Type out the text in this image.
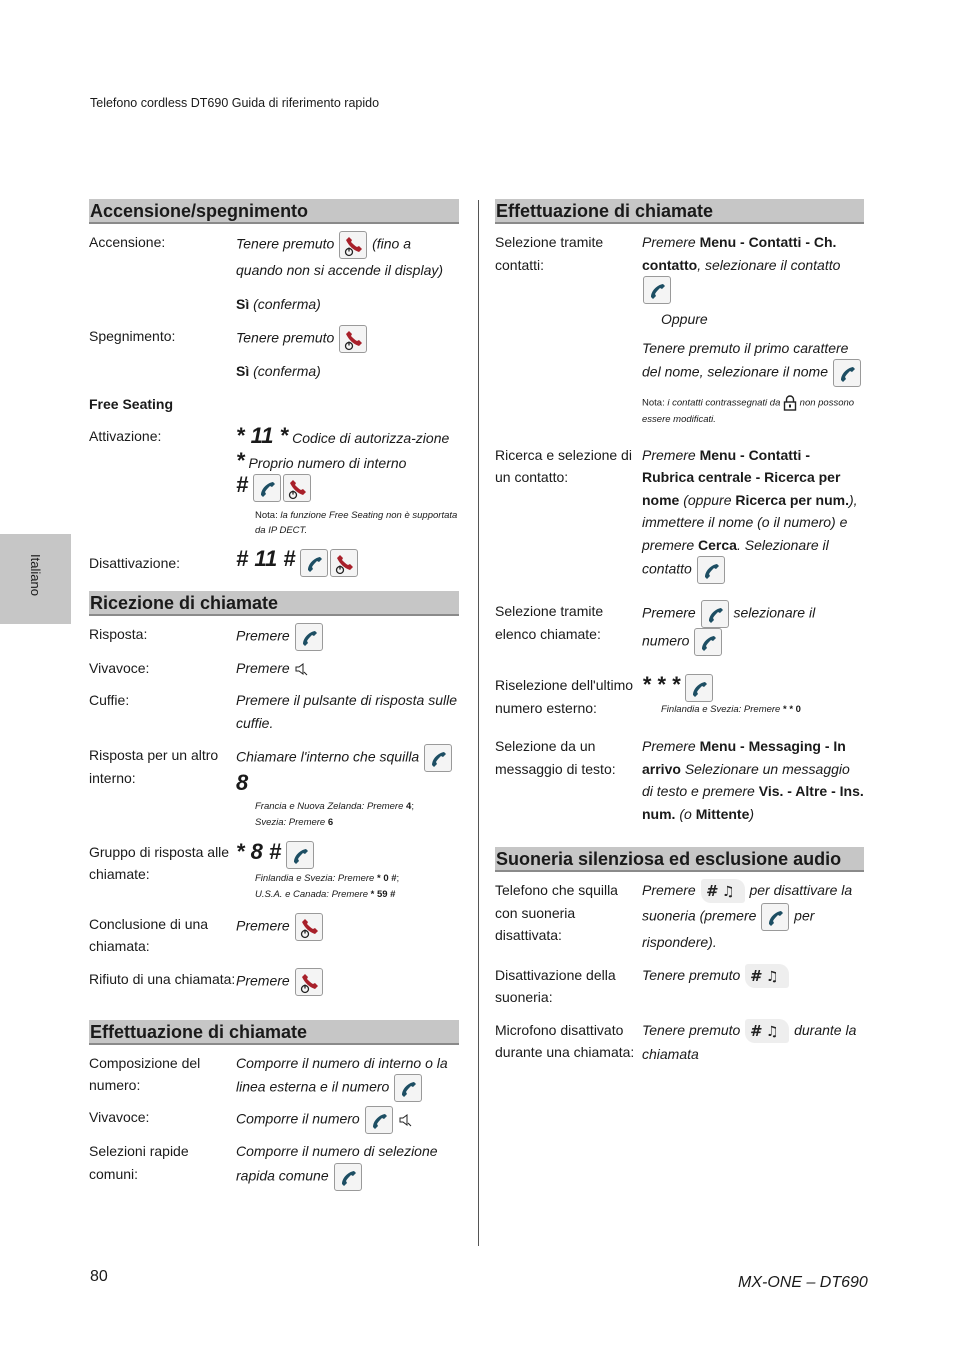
Telefono cordless DT690 Guida di riferimento rapido
Italiano
Accensione/spegnimento
Accensione:	Tenere premuto	(fino a quando non si accende il display)
Sì (conferma)
Spegnimento:	Tenere premuto
Sì (conferma)
Free Seating
Attivazione:	* 11 * Codice di autorizza-zione * Proprio numero di interno
#
Nota: la funzione Free Seating non è supportata da IP DECT.
Disattivazione:	# 11 #
Ricezione di chiamate
Risposta:	Premere
Vivavoce:	Premere
Cuffie:	Premere il pulsante di risposta sulle cuffie.
Risposta per un altro interno:
Chiamare l'interno che squilla
8
Francia e Nuova Zelanda: Premere 4;
Svezia: Premere 6
Gruppo di risposta alle chiamate:
* 8 #
Finlandia e Svezia: Premere * 0 #;
U.S.A. e Canada: Premere * 59 #
Conclusione di una chiamata:
Premere
Rifiuto di una chiamata: Premere
Effettuazione di chiamate
Composizione del numero:
Comporre il numero di interno o la linea esterna e il numero
Vivavoce:	Comporre il numero

Selezioni rapide comuni:
Comporre il numero di selezione rapida comune
Effettuazione di chiamate
Selezione tramite contatti:
Premere Menu - Contatti - Ch. contatto, selezionare il contatto
Oppure
Tenere premuto il primo carattere del nome, selezionare il nome
Nota: i contatti contrassegnati da non possono essere modificati.
Ricerca e selezione di un contatto:
Premere Menu - Contatti - Rubrica centrale - Ricerca per nome (oppure Ricerca per num.), immettere il nome (o il numero) e premere Cerca. Selezionare il contatto
Selezione tramite elenco chiamate:
Premere	selezionare il numero
Riselezione dell'ultimo numero esterno:
* * *
Finlandia e Svezia: Premere * * 0
Selezione da un messaggio di testo:
Premere Menu - Messaging - In arrivo Selezionare un messaggio di testo e premere Vis. - Altre - Ins. num. (o Mittente)
Suoneria silenziosa ed esclusione audio
Telefono che squilla con suoneria disattivata:
Premere	per disattivare la suoneria (premere	per rispondere).
Disattivazione della suoneria:
Tenere premuto
Microfono disattivato durante una chiamata:
Tenere premuto	durante la chiamata
80	MX-ONE – DT690
